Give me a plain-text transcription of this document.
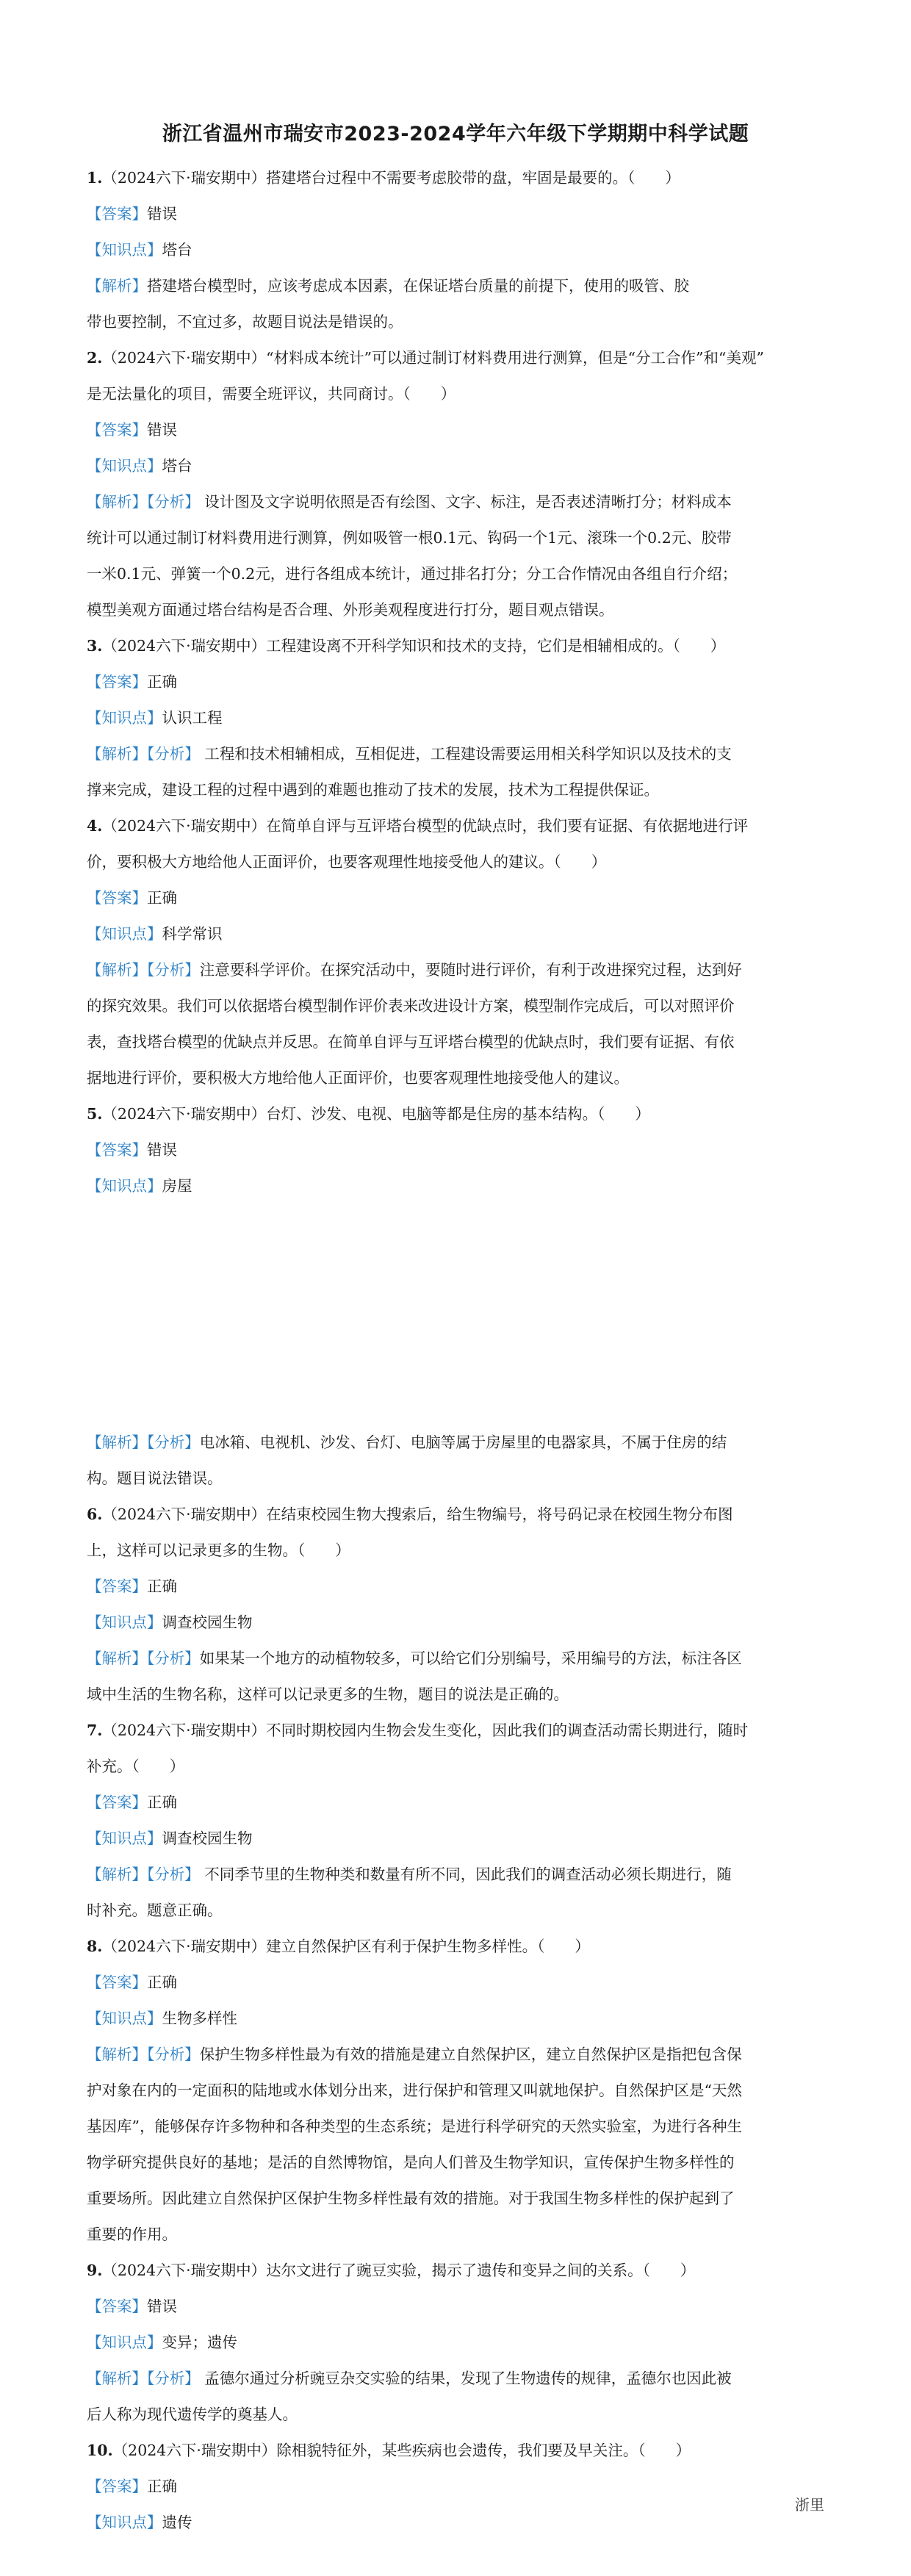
浙江省温州市瑞安市2023-2024学年六年级下学期期中科学试题
1.（2024六下·瑞安期中）搭建塔台过程中不需要考虑胶带的盘，牢固是最要的。（　　）
【答案】错误
【知识点】塔台
【解析】搭建塔台模型时，应该考虑成本因素，在保证塔台质量的前提下，使用的吸管、胶
带也要控制，不宜过多，故题目说法是错误的。
2.（2024六下·瑞安期中）“材料成本统计”可以通过制订材料费用进行测算，但是“分工合作”和“美观”
是无法量化的项目，需要全班评议，共同商讨。（　　）
【答案】错误
【知识点】塔台
【解析】【分析】 设计图及文字说明依照是否有绘图、文字、标注，是否表述清晰打分；材料成本
统计可以通过制订材料费用进行测算，例如吸管一根0.1元、钩码一个1元、滚珠一个0.2元、胶带
一米0.1元、弹簧一个0.2元，进行各组成本统计，通过排名打分；分工合作情况由各组自行介绍；
模型美观方面通过塔台结构是否合理、外形美观程度进行打分，题目观点错误。
3.（2024六下·瑞安期中）工程建设离不开科学知识和技术的支持，它们是相辅相成的。（　　）
【答案】正确
【知识点】认识工程
【解析】【分析】 工程和技术相辅相成，互相促进，工程建设需要运用相关科学知识以及技术的支
撑来完成，建设工程的过程中遇到的难题也推动了技术的发展，技术为工程提供保证。
4.（2024六下·瑞安期中）在简单自评与互评塔台模型的优缺点时，我们要有证据、有依据地进行评
价，要积极大方地给他人正面评价，也要客观理性地接受他人的建议。（　　）
【答案】正确
【知识点】科学常识
【解析】【分析】注意要科学评价。在探究活动中，要随时进行评价，有利于改进探究过程，达到好
的探究效果。我们可以依据塔台模型制作评价表来改进设计方案，模型制作完成后，可以对照评价
表，查找塔台模型的优缺点并反思。在简单自评与互评塔台模型的优缺点时，我们要有证据、有依
据地进行评价，要积极大方地给他人正面评价，也要客观理性地接受他人的建议。
5.（2024六下·瑞安期中）台灯、沙发、电视、电脑等都是住房的基本结构。（　　）
【答案】错误
【知识点】房屋
【解析】【分析】电冰箱、电视机、沙发、台灯、电脑等属于房屋里的电器家具，不属于住房的结
构。题目说法错误。
6.（2024六下·瑞安期中）在结束校园生物大搜索后，给生物编号，将号码记录在校园生物分布图
上，这样可以记录更多的生物。（　　）
【答案】正确
【知识点】调查校园生物
【解析】【分析】如果某一个地方的动植物较多，可以给它们分别编号，采用编号的方法，标注各区
域中生活的生物名称，这样可以记录更多的生物，题目的说法是正确的。
7.（2024六下·瑞安期中）不同时期校园内生物会发生变化，因此我们的调查活动需长期进行，随时
补充。（　　）
【答案】正确
【知识点】调查校园生物
【解析】【分析】 不同季节里的生物种类和数量有所不同，因此我们的调查活动必须长期进行，随
时补充。题意正确。
8.（2024六下·瑞安期中）建立自然保护区有利于保护生物多样性。（　　）
【答案】正确
【知识点】生物多样性
【解析】【分析】保护生物多样性最为有效的措施是建立自然保护区，建立自然保护区是指把包含保
护对象在内的一定面积的陆地或水体划分出来，进行保护和管理又叫就地保护。自然保护区是“天然
基因库”，能够保存许多物种和各种类型的生态系统；是进行科学研究的天然实验室，为进行各种生
物学研究提供良好的基地；是活的自然博物馆，是向人们普及生物学知识，宣传保护生物多样性的
重要场所。因此建立自然保护区保护生物多样性最有效的措施。对于我国生物多样性的保护起到了
重要的作用。
9.（2024六下·瑞安期中）达尔文进行了豌豆实验，揭示了遗传和变异之间的关系。（　　）
【答案】错误
【知识点】变异；遗传
【解析】【分析】 孟德尔通过分析豌豆杂交实验的结果，发现了生物遗传的规律，孟德尔也因此被
后人称为现代遗传学的奠基人。
10.（2024六下·瑞安期中）除相貌特征外，某些疾病也会遗传，我们要及早关注。（　　）
【答案】正确
【知识点】遗传
浙里
